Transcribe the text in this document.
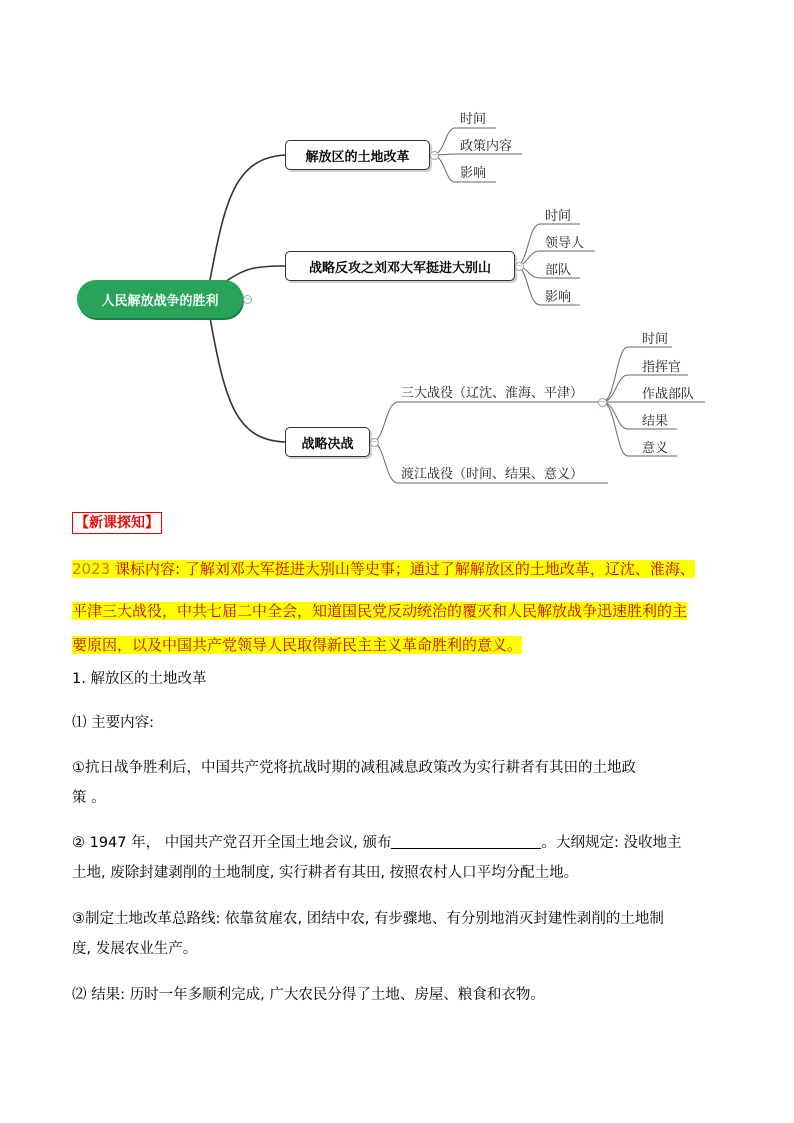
人民解放战争的胜利	−
解放区的土地改革	−
时间
政策内容
影响
战略反攻之刘邓大军挺进大别山	−
时间
领导人
部队
影响
战略决战	−
三大战役（辽沈、淮海、平津）
−
渡江战役（时间、结果、意义）
时间
指挥官
作战部队
结果
意义
【新课探知】
2023 课标内容: 了解刘邓大军挺进大别山等史事；通过了解解放区的土地改革，辽沈、淮海、
平津三大战役，中共七届二中全会，知道国民党反动统治的覆灭和人民解放战争迅速胜利的主
要原因，以及中国共产党领导人民取得新民主主义革命胜利的意义。
1. 解放区的土地改革
⑴ 主要内容:
①抗日战争胜利后，中国共产党将抗战时期的减租减息政策改为实行耕者有其田的土地政
策 。
② 1947 年， 中国共产党召开全国土地会议, 颁布	。大纲规定: 没收地主
土地, 废除封建剥削的土地制度, 实行耕者有其田, 按照农村人口平均分配土地。
③制定土地改革总路线: 依靠贫雇农, 团结中农, 有步骤地、有分别地消灭封建性剥削的土地制
度, 发展农业生产。
⑵ 结果: 历时一年多顺利完成, 广大农民分得了土地、房屋、粮食和衣物。
